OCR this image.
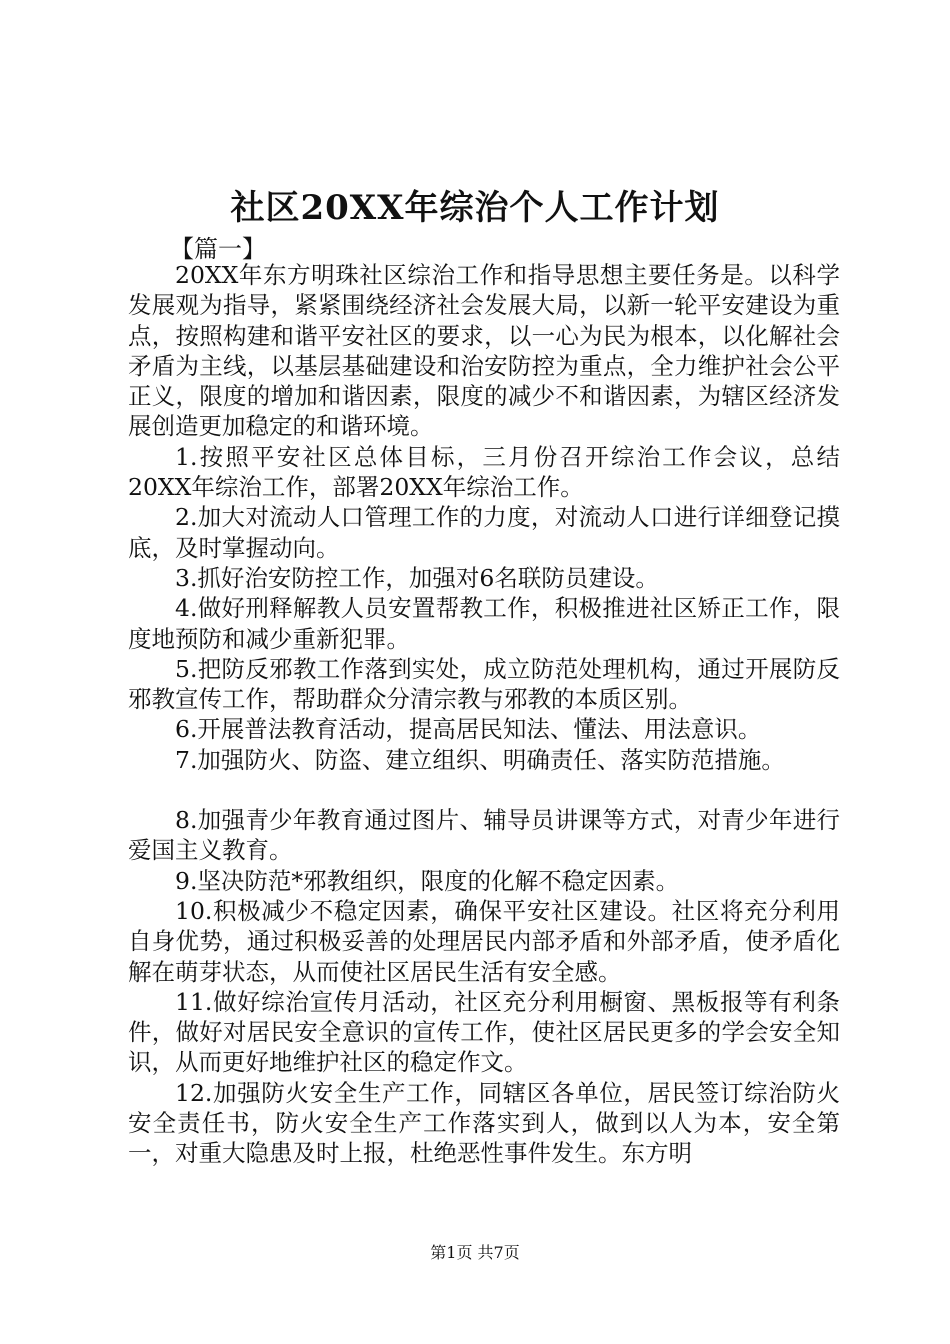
社区20XX年综治个人工作计划
【篇一】

20XX年东方明珠社区综治工作和指导思想主要任务是。以科学发展观为指导，紧紧围绕经济社会发展大局，以新一轮平安建设为重点，按照构建和谐平安社区的要求，以一心为民为根本，以化解社会矛盾为主线，以基层基础建设和治安防控为重点，全力维护社会公平正义，限度的增加和谐因素，限度的减少不和谐因素，为辖区经济发展创造更加稳定的和谐环境。

1.按照平安社区总体目标，三月份召开综治工作会议，总结20XX年综治工作，部署20XX年综治工作。

2.加大对流动人口管理工作的力度，对流动人口进行详细登记摸底，及时掌握动向。

3.抓好治安防控工作，加强对6名联防员建设。

4.做好刑释解教人员安置帮教工作，积极推进社区矫正工作，限度地预防和减少重新犯罪。

5.把防反邪教工作落到实处，成立防范处理机构，通过开展防反邪教宣传工作，帮助群众分清宗教与邪教的本质区别。

6.开展普法教育活动，提高居民知法、懂法、用法意识。

7.加强防火、防盗、建立组织、明确责任、落实防范措施。

8.加强青少年教育通过图片、辅导员讲课等方式，对青少年进行爱国主义教育。

9.坚决防范*邪教组织，限度的化解不稳定因素。

10.积极减少不稳定因素，确保平安社区建设。社区将充分利用自身优势，通过积极妥善的处理居民内部矛盾和外部矛盾，使矛盾化解在萌芽状态，从而使社区居民生活有安全感。

11.做好综治宣传月活动，社区充分利用橱窗、黑板报等有利条件，做好对居民安全意识的宣传工作，使社区居民更多的学会安全知识，从而更好地维护社区的稳定作文。

12.加强防火安全生产工作，同辖区各单位，居民签订综治防火安全责任书，防火安全生产工作落实到人，做到以人为本，安全第一，对重大隐患及时上报，杜绝恶性事件发生。东方明

第1页 共7页
